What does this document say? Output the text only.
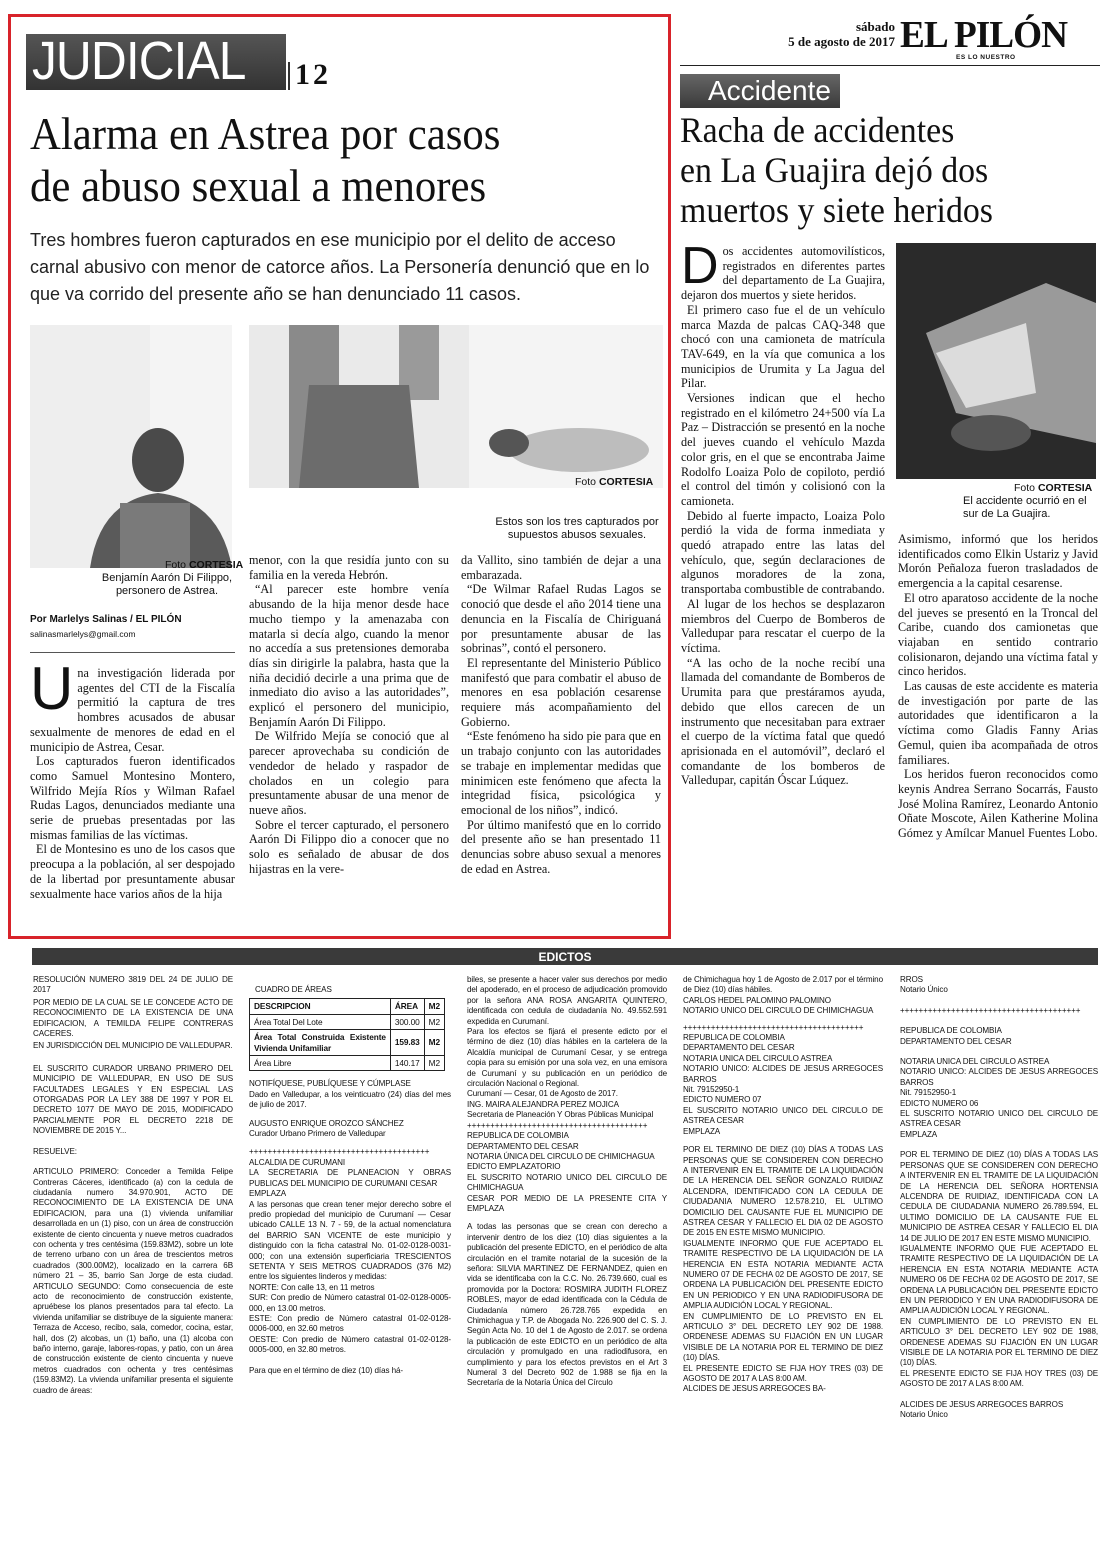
JUDICIAL 12
sábado
5 de agosto de 2017 EL PILÓN
ES LO NUESTRO
Alarma en Astrea por casos
de abuso sexual a menores
Tres hombres fueron capturados en ese municipio por el delito de acceso carnal abusivo con menor de catorce años. La Personería denunció que en lo que va corrido del presente año se han denunciado 11 casos.
Foto CORTESIA
Benjamín Aarón Di Filippo, personero de Astrea.
Foto CORTESIA
Estos son los tres capturados por supuestos abusos sexuales.
Por Marlelys Salinas / EL PILÓN
salinasmarlelys@gmail.com
U na investigación liderada por agentes del CTI de la Fiscalía permitió la captura de tres hombres acusados de abusar sexualmente de menores de edad en el municipio de Astrea, Cesar.

Los capturados fueron identificados como Samuel Montesino Montero, Wilfrido Mejía Ríos y Wilman Rafael Rudas Lagos, denunciados mediante una serie de pruebas presentadas por las mismas familias de las víctimas.

El de Montesino es uno de los casos que preocupa a la población, al ser despojado de la libertad por presuntamente abusar sexualmente hace varios años de la hija

menor, con la que residía junto con su familia en la vereda Hebrón.

“Al parecer este hombre venía abusando de la hija menor desde hace mucho tiempo y la amenazaba con matarla si decía algo, cuando la menor no accedía a sus pretensiones demoraba días sin dirigirle la palabra, hasta que la niña decidió decirle a una prima que de inmediato dio aviso a las autoridades”, explicó el personero del municipio, Benjamín Aarón Di Filippo.

De Wilfrido Mejía se conoció que al parecer aprovechaba su condición de vendedor de helado y raspador de cholados en un colegio para presuntamente abusar de una menor de nueve años.

Sobre el tercer capturado, el personero Aarón Di Filippo dio a conocer que no solo es señalado de abusar de dos hijastras en la vere-

da Vallito, sino también de dejar a una embarazada.

“De Wilmar Rafael Rudas Lagos se conoció que desde el año 2014 tiene una denuncia en la Fiscalía de Chiriguaná por presuntamente abusar de las sobrinas”, contó el personero.

El representante del Ministerio Público manifestó que para combatir el abuso de menores en esa población cesarense requiere más acompañamiento del Gobierno.

“Este fenómeno ha sido pie para que en un trabajo conjunto con las autoridades se trabaje en implementar medidas que minimicen este fenómeno que afecta la integridad física, psicológica y emocional de los niños”, indicó.

Por último manifestó que en lo corrido del presente año se han presentado 11 denuncias sobre abuso sexual a menores de edad en Astrea.

Accidente
Racha de accidentes
en La Guajira dejó dos
muertos y siete heridos
D os accidentes automovilísticos, registrados en diferentes partes del departamento de La Guajira, dejaron dos muertos y siete heridos.

El primero caso fue el de un vehículo marca Mazda de palcas CAQ-348 que chocó con una camioneta de matrícula TAV-649, en la vía que comunica a los municipios de Urumita y La Jagua del Pilar.

Versiones indican que el hecho registrado en el kilómetro 24+500 vía La Paz – Distracción se presentó en la noche del jueves cuando el vehículo Mazda color gris, en el que se encontraba Jaime Rodolfo Loaiza Polo de copiloto, perdió el control del timón y colisionó con la camioneta.

Debido al fuerte impacto, Loaiza Polo perdió la vida de forma inmediata y quedó atrapado entre las latas del vehículo, que, según declaraciones de algunos moradores de la zona, transportaba combustible de contrabando.

Al lugar de los hechos se desplazaron miembros del Cuerpo de Bomberos de Valledupar para rescatar el cuerpo de la víctima.

“A las ocho de la noche recibí una llamada del comandante de Bomberos de Urumita para que prestáramos ayuda, debido que ellos carecen de un instrumento que necesitaban para extraer el cuerpo de la víctima fatal que quedó aprisionada en el automóvil”, declaró el comandante de los bomberos de Valledupar, capitán Óscar Lúquez.

Foto CORTESIA
El accidente ocurrió en el sur de La Guajira.

Asimismo, informó que los heridos identificados como Elkin Ustariz y Javid Morón Peñaloza fueron trasladados de emergencia a la capital cesarense.

El otro aparatoso accidente de la noche del jueves se presentó en la Troncal del Caribe, cuando dos camionetas que viajaban en sentido contrario colisionaron, dejando una víctima fatal y cinco heridos.

Las causas de este accidente es materia de investigación por parte de las autoridades que identificaron a la víctima como Gladis Fanny Arias Gemul, quien iba acompañada de otros familiares.

Los heridos fueron reconocidos como keynis Andrea Serrano Socarrás, Fausto José Molina Ramírez, Leonardo Antonio Oñate Moscote, Ailen Katherine Molina Gómez y Amílcar Manuel Fuentes Lobo.

EDICTOS

RESOLUCIÓN NUMERO 3819 DEL 24 DE JULIO DE 2017

POR MEDIO DE LA CUAL SE LE CONCEDE ACTO DE RECONOCIMIENTO DE LA EXISTENCIA DE UNA EDIFICACION, A TEMILDA FELIPE CONTRERAS CACERES.

EN JURISDICCIÓN DEL MUNICIPIO DE VALLEDUPAR.

EL SUSCRITO CURADOR URBANO PRIMERO DEL MUNICIPIO DE VALLEDUPAR, EN USO DE SUS FACULTADES LEGALES Y EN ESPECIAL LAS OTORGADAS POR LA LEY 388 DE 1997 Y POR EL DECRETO 1077 DE MAYO DE 2015, MODIFICADO PARCIALMENTE POR EL DECRETO 2218 DE NOVIEMBRE DE 2015 Y...

RESUELVE:

ARTICULO PRIMERO: Conceder a Temilda Felipe Contreras Cáceres, identificado (a) con la cedula de ciudadanía numero 34.970.901, ACTO DE RECONOCIMIENTO DE LA EXISTENCIA DE UNA EDIFICACION, para una (1) vivienda unifamiliar desarrollada en un (1) piso, con un área de construcción existente de ciento cincuenta y nueve metros cuadrados con ochenta y tres centésima (159.83M2), sobre un lote de terreno urbano con un área de trescientos metros cuadrados (300.00M2), localizado en la carrera 6B número 21 – 35, barrio San Jorge de esta ciudad. ARTICULO SEGUNDO: Como consecuencia de este acto de reconocimiento de construcción existente, apruébese los planos presentados para tal efecto. La vivienda unifamiliar se distribuye de la siguiente manera: Terraza de Acceso, recibo, sala, comedor, cocina, estar, hall, dos (2) alcobas, un (1) baño, una (1) alcoba con baño interno, garaje, labores-ropas, y patio, con un área de construcción existente de ciento cincuenta y nueve metros cuadrados con ochenta y tres centésimas (159.83M2). La vivienda unifamiliar presenta el siguiente cuadro de áreas:

CUADRO DE ÁREAS

DESCRIPCION	ÁREA	M2
Área Total Del Lote	300.00	M2
Área Total Construida Existente Vivienda Unifamiliar	159.83	M2
Área Libre	140.17	M2

NOTIFÍQUESE, PUBLÍQUESE Y CÚMPLASE

Dado en Valledupar, a los veinticuatro (24) días del mes de julio de 2017.

AUGUSTO ENRIQUE OROZCO SÁNCHEZ

Curador Urbano Primero de Valledupar

+++++++++++++++++++++++++++++++++++++++

ALCALDIA DE CURUMANI

LA SECRETARIA DE PLANEACION Y OBRAS PUBLICAS DEL MUNICIPIO DE CURUMANI CESAR

EMPLAZA

A las personas que crean tener mejor derecho sobre el predio propiedad del municipio de Curumaní — Cesar ubicado CALLE 13 N. 7 - 59, de la actual nomenclatura del BARRIO SAN VICENTE de este municipio y distinguido con la ficha catastral No. 01-02-0128-0031-000; con una extensión superficiaria TRESCIENTOS SETENTA Y SEIS METROS CUADRADOS (376 M2) entre los siguientes linderos y medidas:

NORTE: Con calle 13, en 11 metros

SUR: Con predio de Número catastral 01-02-0128-0005-000, en 13.00 metros.

ESTE: Con predio de Número catastral 01-02-0128-0006-000, en 32.60 metros

OESTE: Con predio de Número catastral 01-02-0128-0005-000, en 32.80 metros.

Para que en el término de diez (10) días há-

biles, se presente a hacer valer sus derechos por medio del apoderado, en el proceso de adjudicación promovido por la señora ANA ROSA ANGARITA QUINTERO, identificada con cedula de ciudadanía No. 49.552.591 expedida en Curumaní.

Para los efectos se fijará el presente edicto por el término de diez (10) días hábiles en la cartelera de la Alcaldía municipal de Curumaní Cesar, y se entrega copia para su emisión por una sola vez, en una emisora de Curumaní y su publicación en un periódico de circulación Nacional o Regional.

Curumaní — Cesar, 01 de Agosto de 2017.

ING. MAIRA ALEJANDRA PEREZ MOJICA

Secretaria de Planeación Y Obras Públicas Municipal

+++++++++++++++++++++++++++++++++++++++

REPUBLICA DE COLOMBIA

DEPARTAMENTO DEL CESAR

NOTARIA ÚNICA DEL CIRCULO DE CHIMICHAGUA

EDICTO EMPLAZATORIO

EL SUSCRITO NOTARIO UNICO DEL CIRCULO DE CHIMICHAGUA

CESAR POR MEDIO DE LA PRESENTE CITA Y EMPLAZA

A todas las personas que se crean con derecho a intervenir dentro de los diez (10) días siguientes a la publicación del presente EDICTO, en el periódico de alta circulación en el tramite notarial de la sucesión de la señora: SILVIA MARTINEZ DE FERNANDEZ, quien en vida se identificaba con la C.C. No. 26.739.660, cual es promovida por la Doctora: ROSMIRA JUDITH FLOREZ ROBLES, mayor de edad identificada con la Cédula de Ciudadanía número 26.728.765 expedida en Chimichagua y T.P. de Abogada No. 226.900 del C. S. J. Según Acta No. 10 del 1 de Agosto de 2.017. se ordena la publicación de este EDICTO en un periódico de alta circulación y promulgado en una radiodifusora, en cumplimiento y para los efectos previstos en el Art 3 Numeral 3 del Decreto 902 de 1.988 se fija en la Secretaría de la Notaría Única del Círculo

de Chimichagua hoy 1 de Agosto de 2.017 por el término de Diez (10) días hábiles.

CARLOS HEDEL PALOMINO PALOMINO

NOTARIO UNICO DEL CIRCULO DE CHIMICHAGUA

+++++++++++++++++++++++++++++++++++++++

REPUBLICA DE COLOMBIA

DEPARTAMENTO DEL CESAR

NOTARIA UNICA DEL CIRCULO ASTREA

NOTARIO UNICO: ALCIDES DE JESUS ARREGOCES BARROS

Nit. 79152950-1

EDICTO NUMERO 07

EL SUSCRITO NOTARIO UNICO DEL CIRCULO DE ASTREA CESAR

EMPLAZA

POR EL TERMINO DE DIEZ (10) DÍAS A TODAS LAS PERSONAS QUE SE CONSIDEREN CON DERECHO A INTERVENIR EN EL TRAMITE DE LA LIQUIDACIÓN DE LA HERENCIA DEL SEÑOR GONZALO RUIDIAZ ALCENDRA, IDENTIFICADO CON LA CEDULA DE CIUDADANIA NUMERO 12.578.210, EL ULTIMO DOMICILIO DEL CAUSANTE FUE EL MUNICIPIO DE ASTREA CESAR Y FALLECIO EL DIA 02 DE AGOSTO DE 2015 EN ESTE MISMO MUNICIPIO.

IGUALMENTE INFORMO QUE FUE ACEPTADO EL TRAMITE RESPECTIVO DE LA LIQUIDACIÓN DE LA HERENCIA EN ESTA NOTARIA MEDIANTE ACTA NUMERO 07 DE FECHA 02 DE AGOSTO DE 2017, SE ORDENA LA PUBLICACIÓN DEL PRESENTE EDICTO EN UN PERIODICO Y EN UNA RADIODIFUSORA DE AMPLIA AUDICIÓN LOCAL Y REGIONAL.

EN CUMPLIMIENTO DE LO PREVISTO EN EL ARTICULO 3° DEL DECRETO LEY 902 DE 1988. ORDENESE ADEMAS SU FIJACIÓN EN UN LUGAR VISIBLE DE LA NOTARIA POR EL TERMINO DE DIEZ (10) DÍAS.

EL PRESENTE EDICTO SE FIJA HOY TRES (03) DE AGOSTO DE 2017 A LAS 8:00 AM.

ALCIDES DE JESUS ARREGOCES BA-

RROS

Notario Único

+++++++++++++++++++++++++++++++++++++++

REPUBLICA DE COLOMBIA

DEPARTAMENTO DEL CESAR

NOTARIA UNICA DEL CIRCULO ASTREA

NOTARIO UNICO: ALCIDES DE JESUS ARREGOCES BARROS

Nit. 79152950-1

EDICTO NUMERO 06

EL SUSCRITO NOTARIO UNICO DEL CIRCULO DE ASTREA CESAR

EMPLAZA

POR EL TERMINO DE DIEZ (10) DÍAS A TODAS LAS PERSONAS QUE SE CONSIDEREN CON DERECHO A INTERVENIR EN EL TRAMITE DE LA LIQUIDACIÓN DE LA HERENCIA DEL SEÑORA HORTENSIA ALCENDRA DE RUIDIAZ, IDENTIFICADA CON LA CEDULA DE CIUDADANIA NUMERO 26.789.594, EL ULTIMO DOMICILIO DE LA CAUSANTE FUE EL MUNICIPIO DE ASTREA CESAR Y FALLECIO EL DIA 14 DE JULIO DE 2017 EN ESTE MISMO MUNICIPIO.

IGUALMENTE INFORMO QUE FUE ACEPTADO EL TRAMITE RESPECTIVO DE LA LIQUIDACIÓN DE LA HERENCIA EN ESTA NOTARIA MEDIANTE ACTA NUMERO 06 DE FECHA 02 DE AGOSTO DE 2017, SE ORDENA LA PUBLICACIÓN DEL PRESENTE EDICTO EN UN PERIODICO Y EN UNA RADIODIFUSORA DE AMPLIA AUDICIÓN LOCAL Y REGIONAL.

EN CUMPLIMIENTO DE LO PREVISTO EN EL ARTICULO 3° DEL DECRETO LEY 902 DE 1988, ORDENESE ADEMAS SU FIJACIÓN EN UN LUGAR VISIBLE DE LA NOTARIA POR EL TERMINO DE DIEZ (10) DÍAS.

EL PRESENTE EDICTO SE FIJA HOY TRES (03) DE AGOSTO DE 2017 A LAS 8:00 AM.

ALCIDES DE JESUS ARREGOCES BARROS

Notario Único
